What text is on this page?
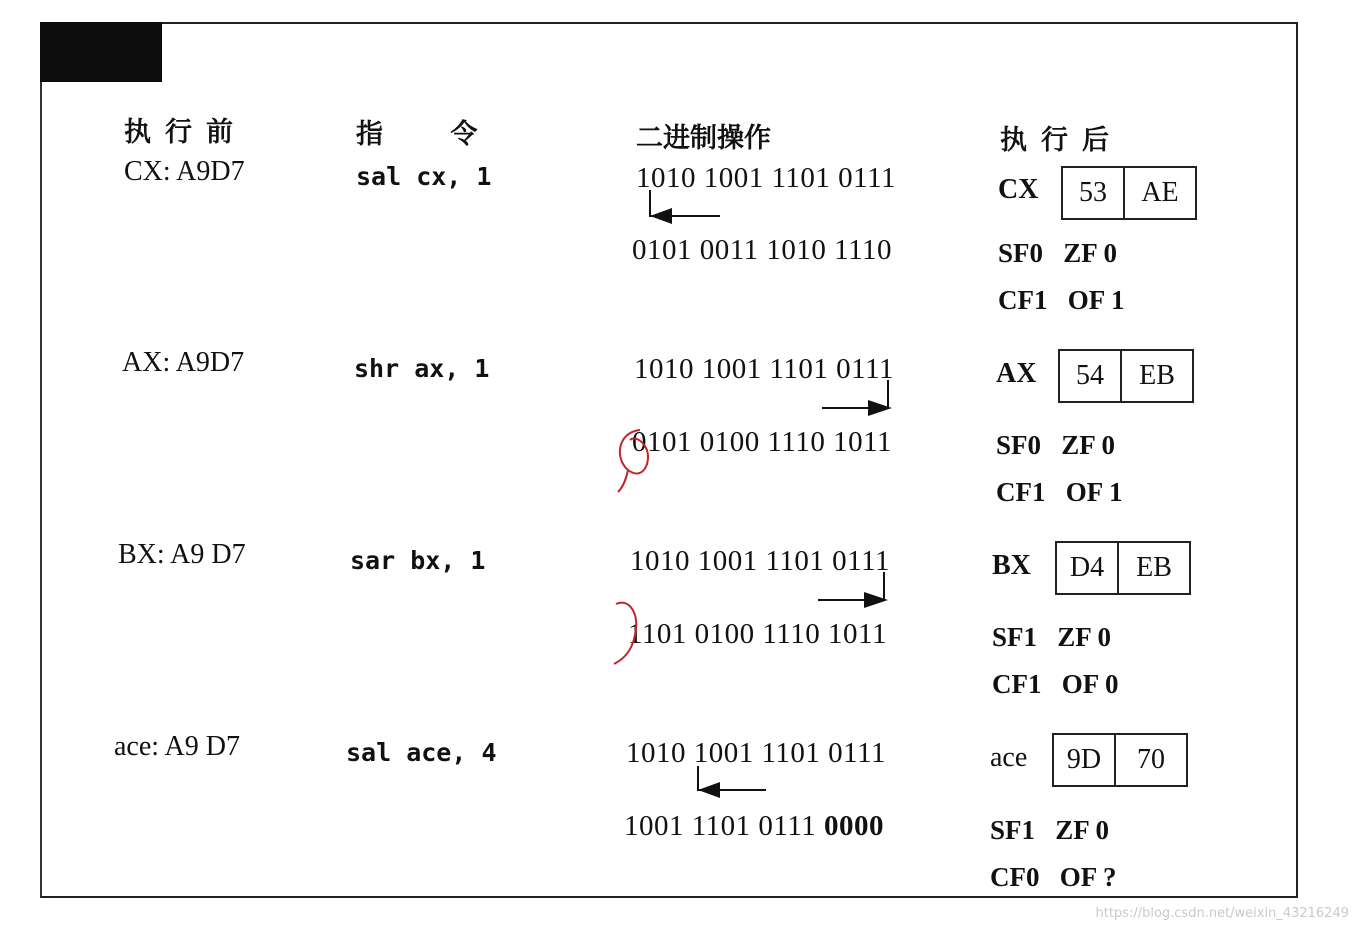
执行前	指 令	二进制操作	执行后
CX: A9D7	sal cx, 1	1010 1001 1101 0111
0101 0011 1010 1110
CX	53	AE
SF0   ZF 0
CF1   OF 1
AX: A9D7	shr ax, 1	1010 1001 1101 0111
0101 0100 1110 1011
AX	54	EB
SF0   ZF 0
CF1   OF 1
BX: A9 D7	sar bx, 1	1010 1001 1101 0111
1101 0100 1110 1011
BX	D4	EB
SF1   ZF 0
CF1   OF 0
ace: A9 D7	sal ace, 4	1010 1001 1101 0111
1001 1101 0111 0000
ace	9D	70
SF1   ZF 0
CF0   OF ?
https://blog.csdn.net/weixin_43216249
